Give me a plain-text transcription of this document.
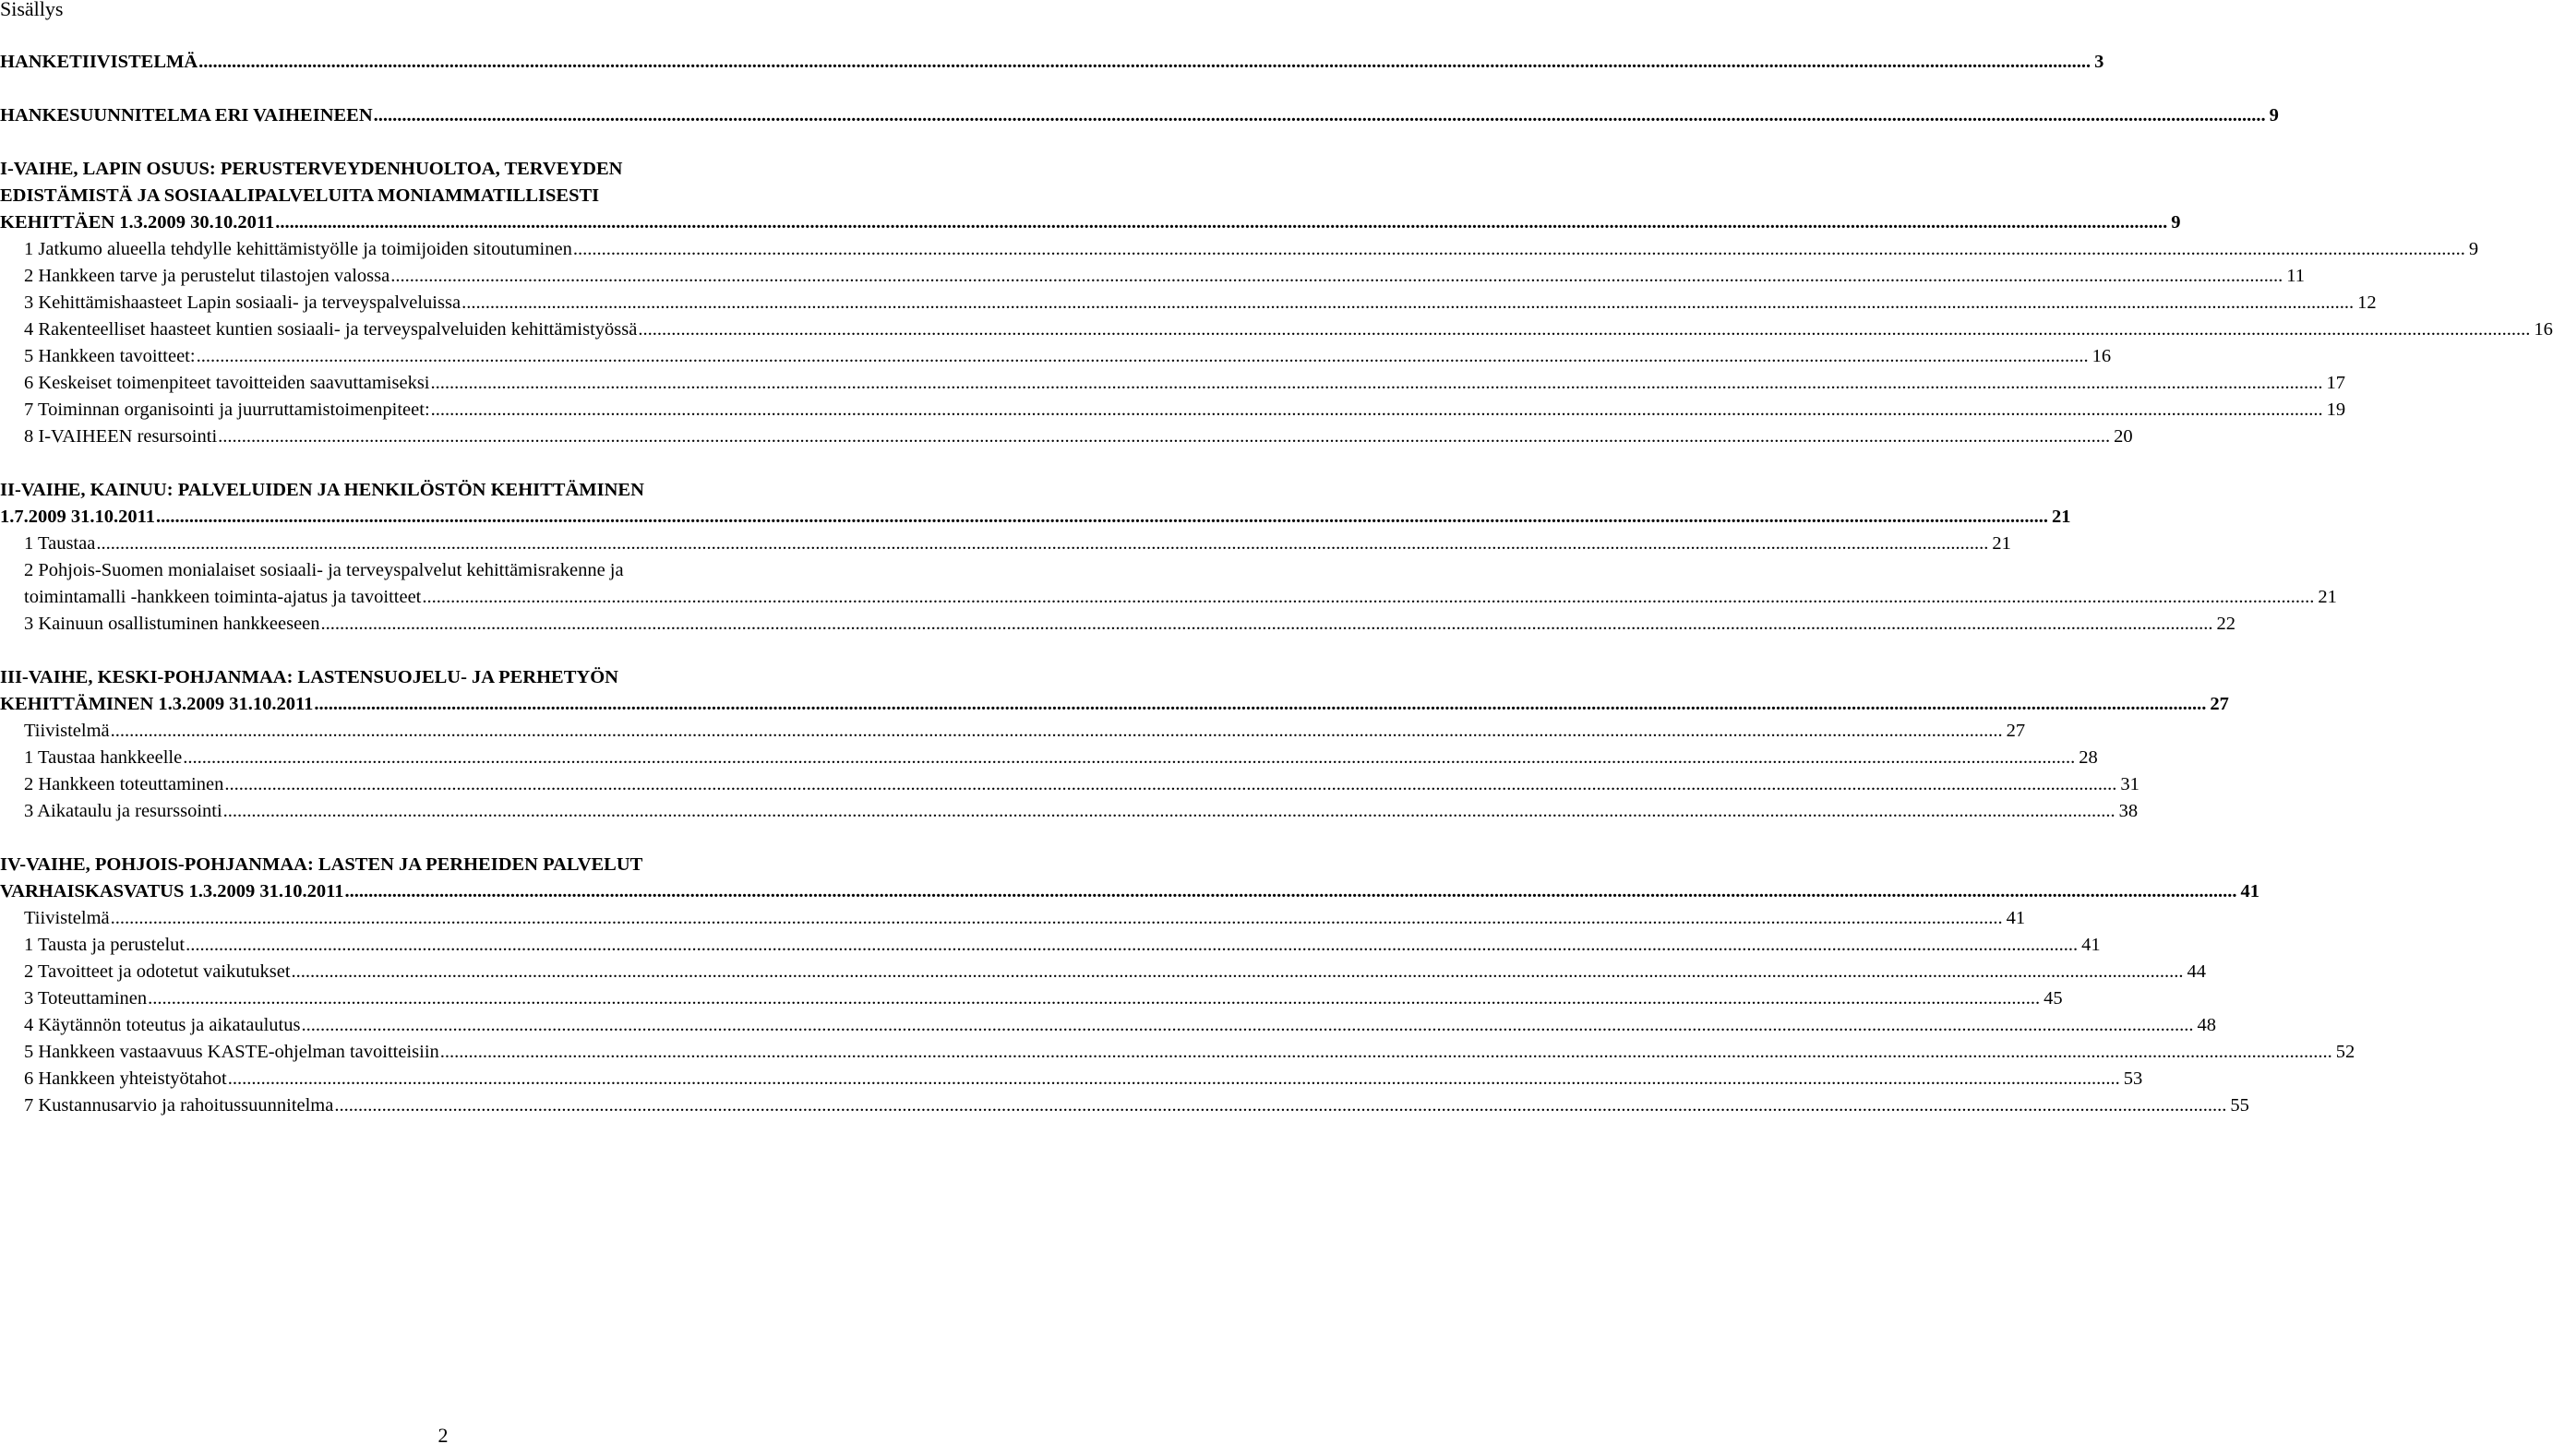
Sisällys
HANKETIIVISTELMÄ ................................................................................................................................................................................................................................................................................................................................................................................................................ 3
HANKESUUNNITELMA ERI VAIHEINEEN ................................................................................................................................................................................................................................................................................................................................................................................................................ 9
I-VAIHE, LAPIN OSUUS: PERUSTERVEYDENHUOLTOA, TERVEYDEN
EDISTÄMISTÄ JA SOSIAALIPALVELUITA MONIAMMATILLISESTI
KEHITTÄEN 1.3.2009 30.10.2011 ................................................................................................................................................................................................................................................................................................................................................................................................................ 9
1 Jatkumo alueella tehdylle kehittämistyölle ja toimijoiden sitoutuminen ................................................................................................................................................................................................................................................................................................................................................................................................................ 9
2 Hankkeen tarve ja perustelut tilastojen valossa ................................................................................................................................................................................................................................................................................................................................................................................................................ 11
3 Kehittämishaasteet Lapin sosiaali- ja terveyspalveluissa ................................................................................................................................................................................................................................................................................................................................................................................................................ 12
4 Rakenteelliset haasteet kuntien sosiaali- ja terveyspalveluiden kehittämistyössä ................................................................................................................................................................................................................................................................................................................................................................................................................ 16
5 Hankkeen tavoitteet: ................................................................................................................................................................................................................................................................................................................................................................................................................ 16
6 Keskeiset toimenpiteet tavoitteiden saavuttamiseksi ................................................................................................................................................................................................................................................................................................................................................................................................................ 17
7 Toiminnan organisointi ja juurruttamistoimenpiteet: ................................................................................................................................................................................................................................................................................................................................................................................................................ 19
8 I-VAIHEEN resursointi ................................................................................................................................................................................................................................................................................................................................................................................................................ 20
II-VAIHE, KAINUU: PALVELUIDEN JA HENKILÖSTÖN KEHITTÄMINEN
1.7.2009 31.10.2011 ................................................................................................................................................................................................................................................................................................................................................................................................................ 21
1 Taustaa ................................................................................................................................................................................................................................................................................................................................................................................................................ 21
2 Pohjois-Suomen monialaiset sosiaali- ja terveyspalvelut kehittämisrakenne ja
toimintamalli -hankkeen toiminta-ajatus ja tavoitteet ................................................................................................................................................................................................................................................................................................................................................................................................................ 21
3 Kainuun osallistuminen hankkeeseen ................................................................................................................................................................................................................................................................................................................................................................................................................ 22
III-VAIHE, KESKI-POHJANMAA: LASTENSUOJELU- JA PERHETYÖN
KEHITTÄMINEN 1.3.2009 31.10.2011 ................................................................................................................................................................................................................................................................................................................................................................................................................ 27
Tiivistelmä ................................................................................................................................................................................................................................................................................................................................................................................................................ 27
1 Taustaa hankkeelle ................................................................................................................................................................................................................................................................................................................................................................................................................ 28
2 Hankkeen toteuttaminen ................................................................................................................................................................................................................................................................................................................................................................................................................ 31
3 Aikataulu ja resurssointi ................................................................................................................................................................................................................................................................................................................................................................................................................ 38
IV-VAIHE, POHJOIS-POHJANMAA: LASTEN JA PERHEIDEN PALVELUT
VARHAISKASVATUS 1.3.2009 31.10.2011 ................................................................................................................................................................................................................................................................................................................................................................................................................ 41
Tiivistelmä ................................................................................................................................................................................................................................................................................................................................................................................................................ 41
1 Tausta ja perustelut ................................................................................................................................................................................................................................................................................................................................................................................................................ 41
2 Tavoitteet ja odotetut vaikutukset ................................................................................................................................................................................................................................................................................................................................................................................................................ 44
3 Toteuttaminen ................................................................................................................................................................................................................................................................................................................................................................................................................ 45
4 Käytännön toteutus ja aikataulutus ................................................................................................................................................................................................................................................................................................................................................................................................................ 48
5 Hankkeen vastaavuus KASTE-ohjelman tavoitteisiin ................................................................................................................................................................................................................................................................................................................................................................................................................ 52
6 Hankkeen yhteistyötahot ................................................................................................................................................................................................................................................................................................................................................................................................................ 53
7 Kustannusarvio ja rahoitussuunnitelma ................................................................................................................................................................................................................................................................................................................................................................................................................ 55
2
